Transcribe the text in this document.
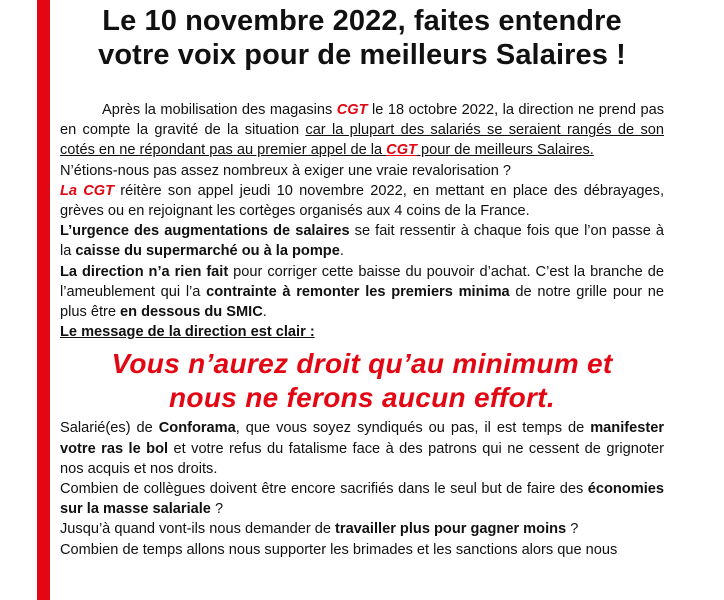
Le 10 novembre 2022, faites entendre
votre voix pour de meilleurs Salaires !

Après la mobilisation des magasins CGT le 18 octobre 2022, la direction ne prend pas en compte la gravité de la situation car la plupart des salariés se seraient rangés de son cotés en ne répondant pas au premier appel de la CGT pour de meilleurs Salaires.

N’étions-nous pas assez nombreux à exiger une vraie revalorisation ?

La CGT réitère son appel jeudi 10 novembre 2022, en mettant en place des débrayages, grèves ou en rejoignant les cortèges organisés aux 4 coins de la France.

L’urgence des augmentations de salaires se fait ressentir à chaque fois que l’on passe à la caisse du supermarché ou à la pompe.

La direction n’a rien fait pour corriger cette baisse du pouvoir d’achat. C’est la branche de l’ameublement qui l’a contrainte à remonter les premiers minima de notre grille pour ne plus être en dessous du SMIC.

Le message de la direction est clair :

Vous n’aurez droit qu’au minimum et
nous ne ferons aucun effort.

Salarié(es) de Conforama, que vous soyez syndiqués ou pas, il est temps de manifester votre ras le bol et votre refus du fatalisme face à des patrons qui ne cessent de grignoter nos acquis et nos droits.

Combien de collègues doivent être encore sacrifiés dans le seul but de faire des économies sur la masse salariale ?

Jusqu’à quand vont-ils nous demander de travailler plus pour gagner moins ?

Combien de temps allons nous supporter les brimades et les sanctions alors que nous
